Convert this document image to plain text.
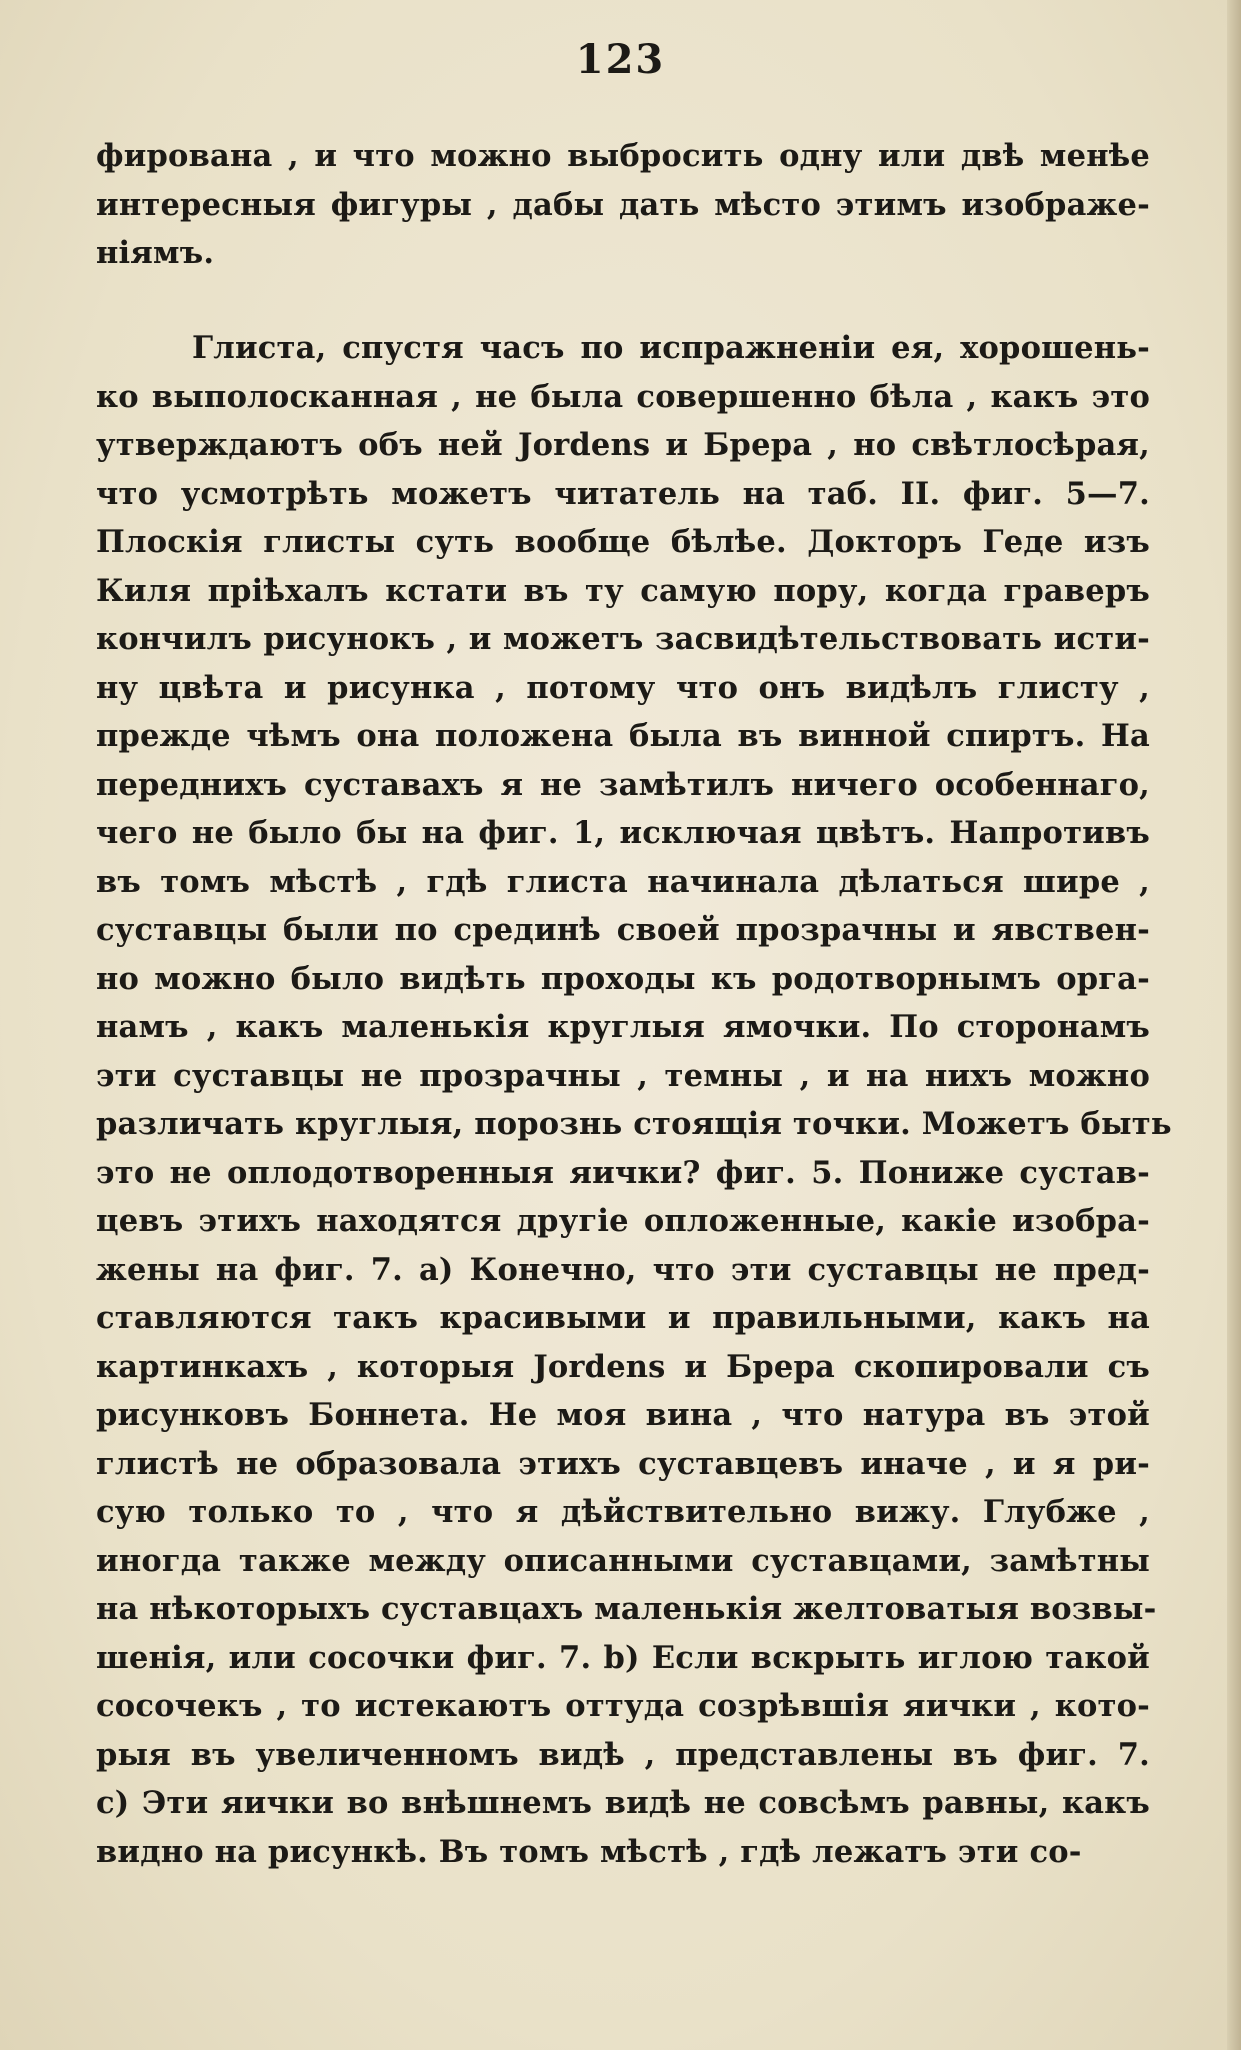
123
фирована , и что можно выбросить одну или двѣ менѣе
интересныя фигуры , дабы дать мѣсто этимъ изображе-
ніямъ.
Глиста, спустя часъ по испражненіи ея, хорошень-
ко выполосканная , не была совершенно бѣла , какъ это
утверждаютъ объ ней Jordens и Брера , но свѣтлосѣрая,
что усмотрѣть можетъ читатель на таб. II. фиг. 5—7.
Плоскія глисты суть вообще бѣлѣе. Докторъ Геде изъ
Киля пріѣхалъ кстати въ ту самую пору, когда граверъ
кончилъ рисунокъ , и можетъ засвидѣтельствовать исти-
ну цвѣта и рисунка , потому что онъ видѣлъ глисту ,
прежде чѣмъ она положена была въ винной спиртъ. На
переднихъ суставахъ я не замѣтилъ ничего особеннаго,
чего не было бы на фиг. 1, исключая цвѣтъ. Напротивъ
въ томъ мѣстѣ , гдѣ глиста начинала дѣлаться шире ,
суставцы были по срединѣ своей прозрачны и явствен-
но можно было видѣть проходы къ родотворнымъ орга-
намъ , какъ маленькія круглыя ямочки. По сторонамъ
эти суставцы не прозрачны , темны , и на нихъ можно
различать круглыя, порознь стоящія точки. Можетъ быть
это не оплодотворенныя яички? фиг. 5. Пониже сустав-
цевъ этихъ находятся другіе опложенные, какіе изобра-
жены на фиг. 7. a) Конечно, что эти суставцы не пред-
ставляются такъ красивыми и правильными, какъ на
картинкахъ , которыя Jordens и Брера скопировали съ
рисунковъ Боннета. Не моя вина , что натура въ этой
глистѣ не образовала этихъ суставцевъ иначе , и я ри-
сую только то , что я дѣйствительно вижу. Глубже ,
иногда также между описанными суставцами, замѣтны
на нѣкоторыхъ суставцахъ маленькія желтоватыя возвы-
шенія, или сосочки фиг. 7. b) Если вскрыть иглою такой
сосочекъ , то истекаютъ оттуда созрѣвшія яички , кото-
рыя въ увеличенномъ видѣ , представлены въ фиг. 7.
c) Эти яички во внѣшнемъ видѣ не совсѣмъ равны, какъ
видно на рисункѣ. Въ томъ мѣстѣ , гдѣ лежатъ эти со-
